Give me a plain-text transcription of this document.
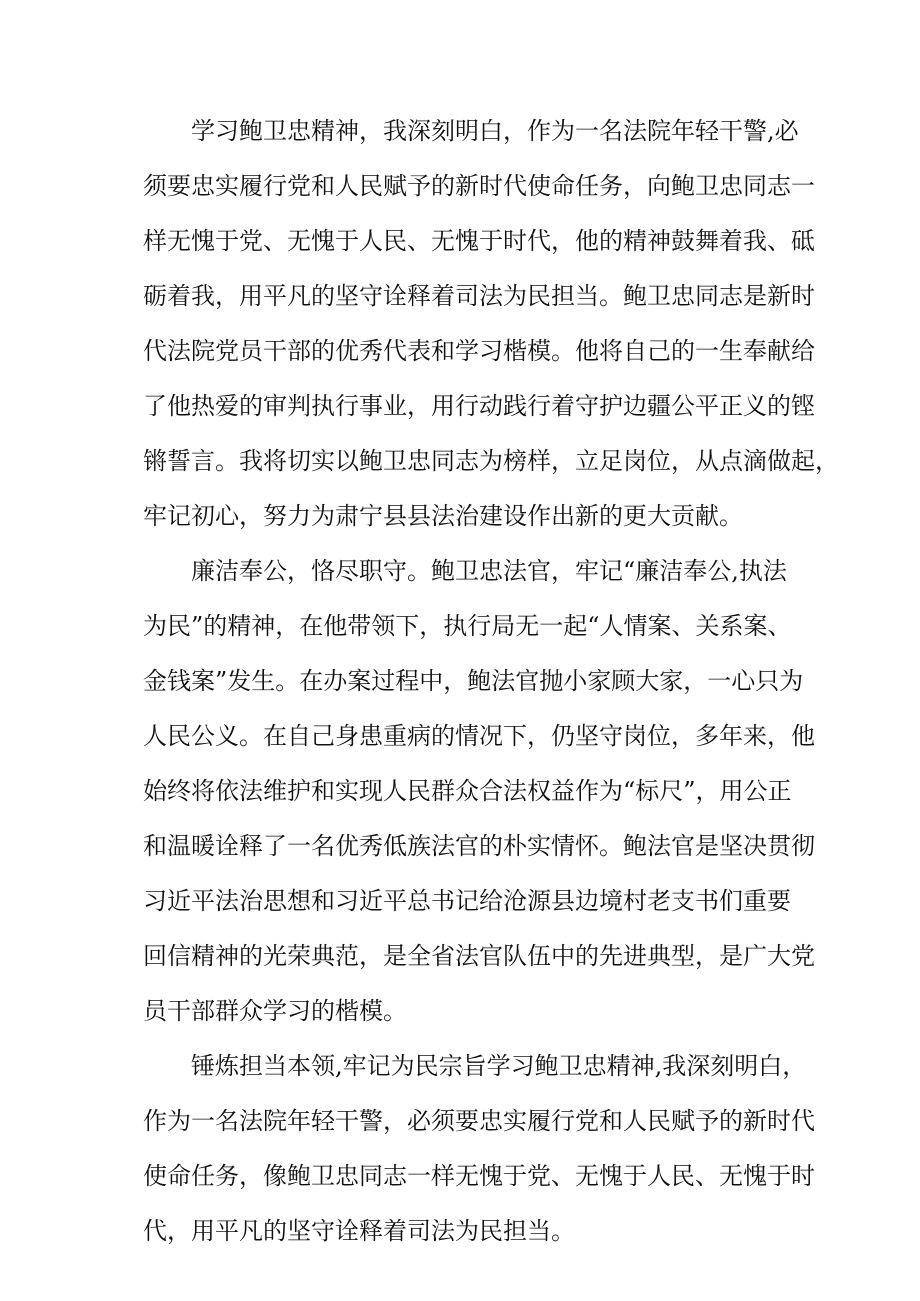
学习鲍卫忠精神，我深刻明白，作为一名法院年轻干警,必
须要忠实履行党和人民赋予的新时代使命任务，向鲍卫忠同志一
样无愧于党、无愧于人民、无愧于时代，他的精神鼓舞着我、砥
砺着我，用平凡的坚守诠释着司法为民担当。鲍卫忠同志是新时
代法院党员干部的优秀代表和学习楷模。他将自己的一生奉献给
了他热爱的审判执行事业，用行动践行着守护边疆公平正义的铿
锵誓言。我将切实以鲍卫忠同志为榜样，立足岗位，从点滴做起，
牢记初心，努力为肃宁县县法治建设作出新的更大贡献。
廉洁奉公，恪尽职守。鲍卫忠法官，牢记“廉洁奉公,执法
为民”的精神，在他带领下，执行局无一起“人情案、关系案、
金钱案”发生。在办案过程中，鲍法官抛小家顾大家，一心只为
人民公义。在自己身患重病的情况下，仍坚守岗位，多年来，他
始终将依法维护和实现人民群众合法权益作为“标尺”，用公正
和温暖诠释了一名优秀低族法官的朴实情怀。鲍法官是坚决贯彻
习近平法治思想和习近平总书记给沧源县边境村老支书们重要
回信精神的光荣典范，是全省法官队伍中的先进典型，是广大党
员干部群众学习的楷模。
锤炼担当本领,牢记为民宗旨学习鲍卫忠精神,我深刻明白，
作为一名法院年轻干警，必须要忠实履行党和人民赋予的新时代
使命任务，像鲍卫忠同志一样无愧于党、无愧于人民、无愧于时
代，用平凡的坚守诠释着司法为民担当。
